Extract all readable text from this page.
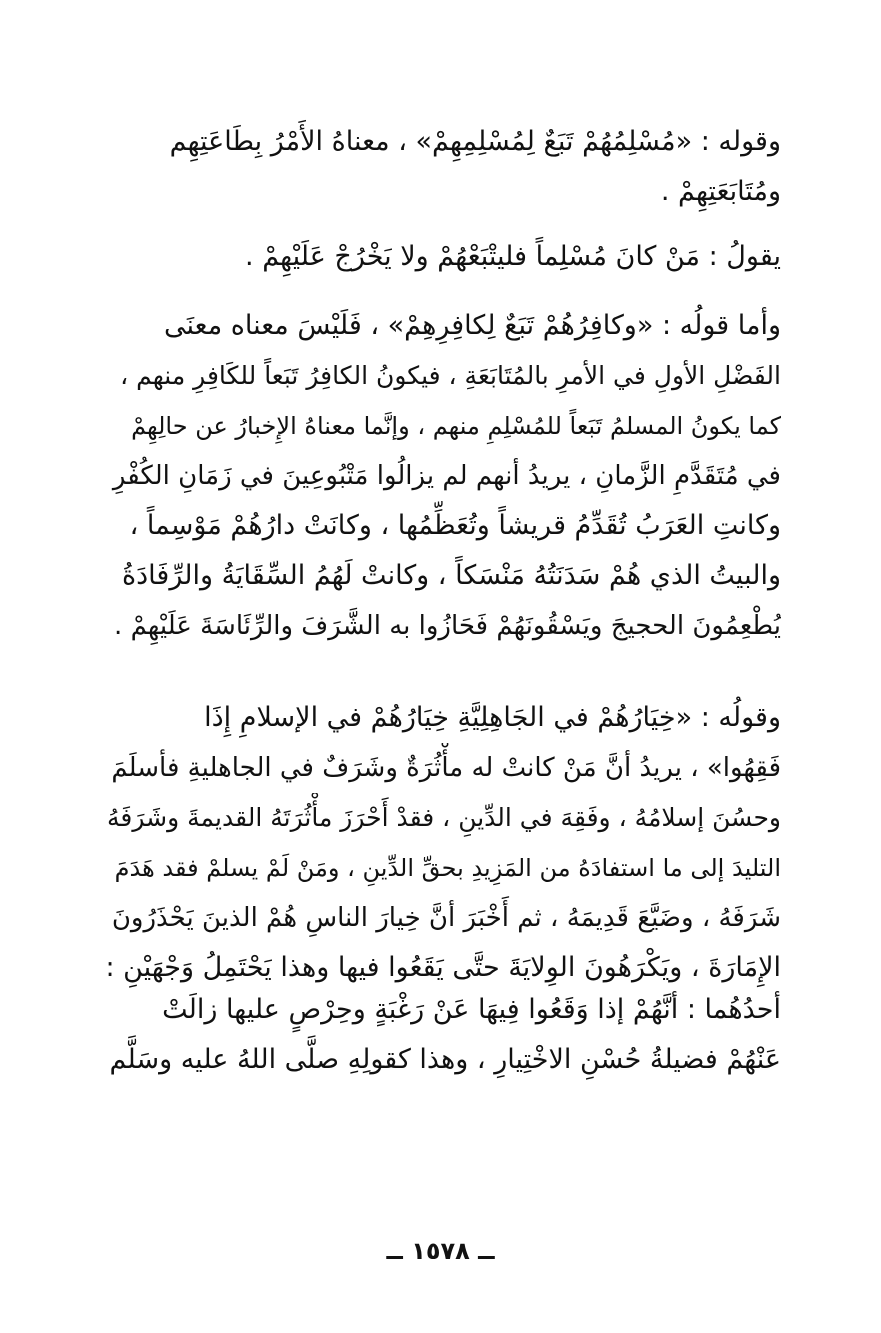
وقوله : «مُسْلِمُهُمْ تَبَعٌ لِمُسْلِمِهِمْ» ، معناهُ الأَمْرُ بِطَاعَتِهِم
ومُتَابَعَتِهِمْ .
يقولُ : مَنْ كانَ مُسْلِماً فليتْبَعْهُمْ ولا يَخْرُجْ عَلَيْهِمْ .
وأما قولُه : «وكافِرُهُمْ تَبَعٌ لِكافِرِهِمْ» ، فَلَيْسَ معناه معنَى
الفَضْلِ الأولِ في الأمرِ بالمُتَابَعَةِ ، فيكونُ الكافِرُ تَبَعاً للكَافِرِ منهم ،
كما يكونُ المسلمُ تَبَعاً للمُسْلِمِ منهم ، وإنَّما معناهُ الإِخبارُ عن حالِهِمْ
في مُتَقَدَّمِ الزَّمانِ ، يريدُ أنهم لم يزالُوا مَتْبُوعِينَ في زَمَانِ الكُفْرِ
وكانتِ العَرَبُ تُقَدِّمُ قريشاً وتُعَظِّمُها ، وكانَتْ دارُهُمْ مَوْسِماً ،
والبيتُ الذي هُمْ سَدَنَتُهُ مَنْسَكاً ، وكانتْ لَهُمُ السِّقَايَةُ والرِّفَادَةُ
يُطْعِمُونَ الحجيجَ ويَسْقُونَهُمْ فَحَازُوا به الشَّرَفَ والرِّئَاسَةَ عَلَيْهِمْ .
وقولُه : «خِيَارُهُمْ في الجَاهِلِيَّةِ خِيَارُهُمْ في الإسلامِ إِذَا
فَقِهُوا» ، يريدُ أنَّ مَنْ كانتْ له مأْثُرَةٌ وشَرَفٌ في الجاهليةِ فأسلَمَ
وحسُنَ إسلامُهُ ، وفَقِهَ في الدِّينِ ، فقدْ أَحْرَزَ مأْثُرَتَهُ القديمةَ وشَرَفَهُ
التليدَ إلى ما استفادَهُ من المَزِيدِ بحقِّ الدِّينِ ، ومَنْ لَمْ يسلمْ فقد هَدَمَ
شَرَفَهُ ، وضَيَّعَ قَدِيمَهُ ، ثم أَخْبَرَ أنَّ خِيارَ الناسِ هُمْ الذينَ يَحْذَرُونَ
الإِمَارَةَ ، ويَكْرَهُونَ الوِلايَةَ حتَّى يَقَعُوا فيها وهذا يَحْتَمِلُ وَجْهَيْنِ :
أحدُهُما : أنَّهُمْ إذا وَقَعُوا فِيهَا عَنْ رَغْبَةٍ وحِرْصٍ عليها زالَتْ
عَنْهُمْ فضيلةُ حُسْنِ الاخْتِيارِ ، وهذا كقولِهِ صلَّى اللهُ عليه وسَلَّم
ــ ١٥٧٨ ــ
